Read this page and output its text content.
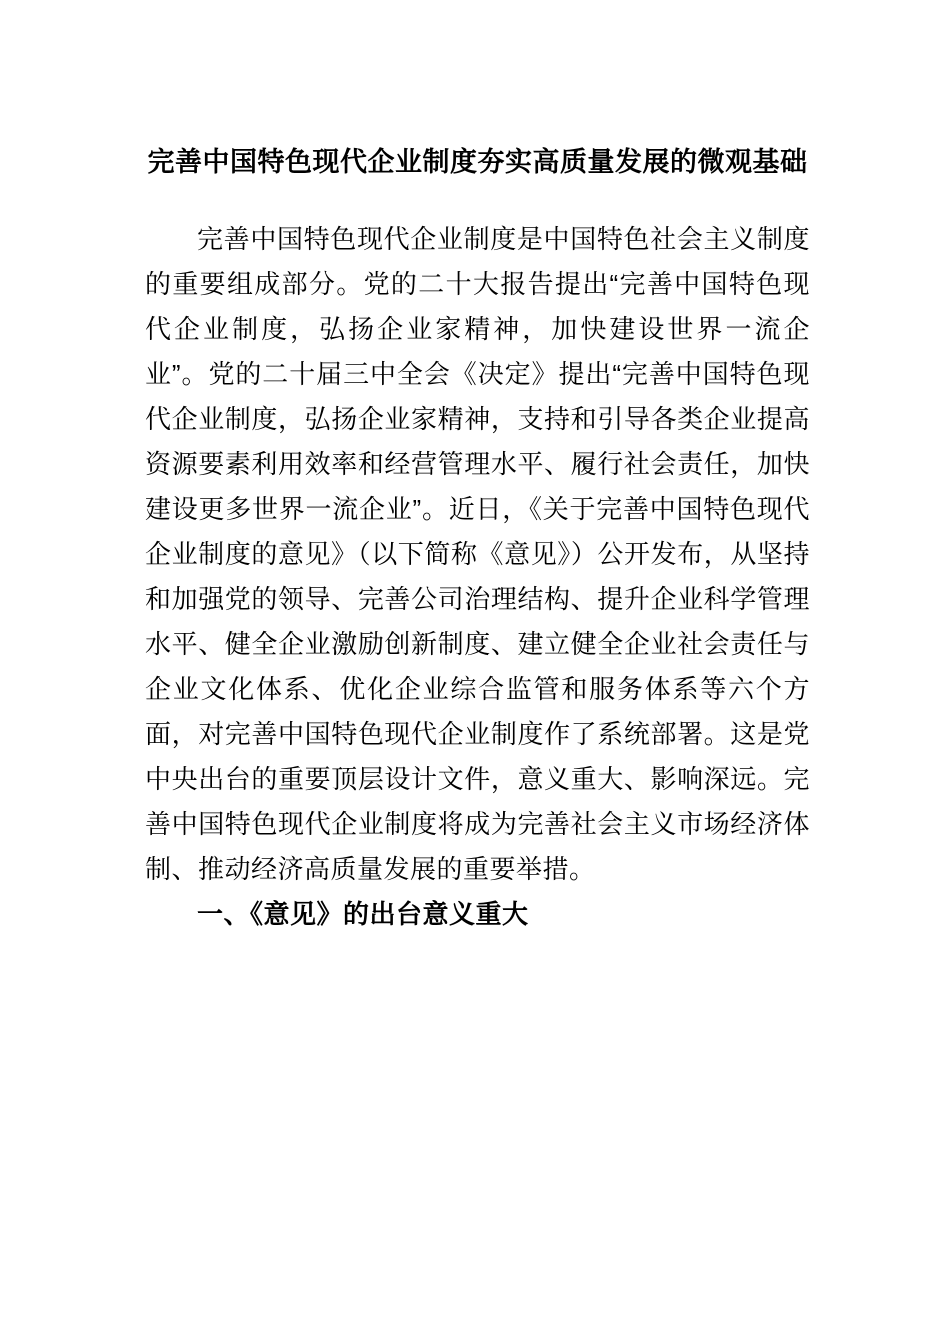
完善中国特色现代企业制度夯实高质量发展的微观基础

完善中国特色现代企业制度是中国特色社会主义制度的重要组成部分。党的二十大报告提出“完善中国特色现代企业制度，弘扬企业家精神，加快建设世界一流企业”。党的二十届三中全会《决定》提出“完善中国特色现代企业制度，弘扬企业家精神，支持和引导各类企业提高资源要素利用效率和经营管理水平、履行社会责任，加快建设更多世界一流企业”。近日，《关于完善中国特色现代企业制度的意见》（以下简称《意见》）公开发布，从坚持和加强党的领导、完善公司治理结构、提升企业科学管理水平、健全企业激励创新制度、建立健全企业社会责任与企业文化体系、优化企业综合监管和服务体系等六个方面，对完善中国特色现代企业制度作了系统部署。这是党中央出台的重要顶层设计文件，意义重大、影响深远。完善中国特色现代企业制度将成为完善社会主义市场经济体制、推动经济高质量发展的重要举措。

一、《意见》的出台意义重大
